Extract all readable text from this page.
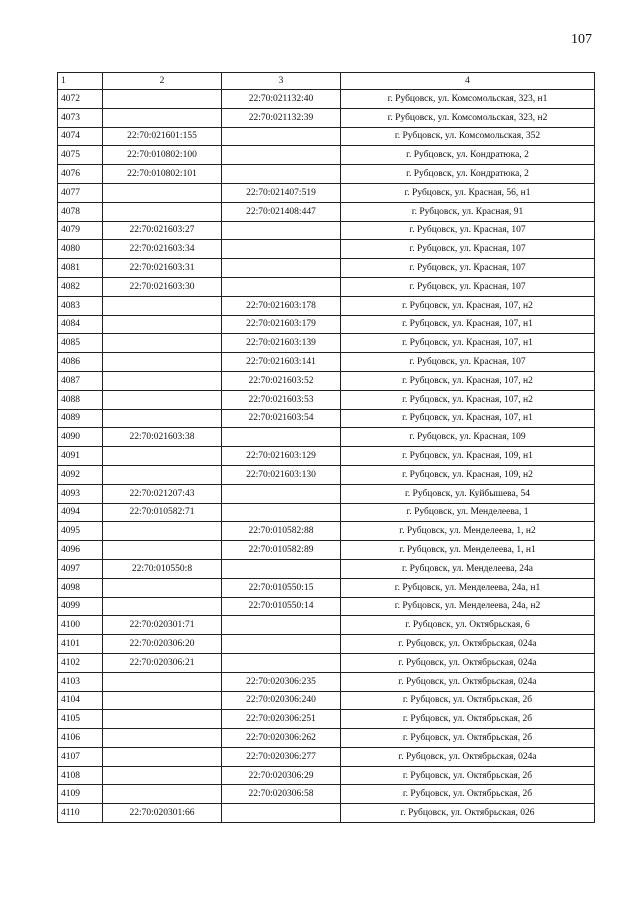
107
1	2	3	4
4072		22:70:021132:40	г. Рубцовск, ул. Комсомольская, 323, н1
4073		22:70:021132:39	г. Рубцовск, ул. Комсомольская, 323, н2
4074	22:70:021601:155		г. Рубцовск, ул. Комсомольская, 352
4075	22:70:010802:100		г. Рубцовск, ул. Кондратюка, 2
4076	22:70:010802:101		г. Рубцовск, ул. Кондратюка, 2
4077		22:70:021407:519	г. Рубцовск, ул. Красная, 56, н1
4078		22:70:021408:447	г. Рубцовск, ул. Красная, 91
4079	22:70:021603:27		г. Рубцовск, ул. Красная, 107
4080	22:70:021603:34		г. Рубцовск, ул. Красная, 107
4081	22:70:021603:31		г. Рубцовск, ул. Красная, 107
4082	22:70:021603:30		г. Рубцовск, ул. Красная, 107
4083		22:70:021603:178	г. Рубцовск, ул. Красная, 107, н2
4084		22:70:021603:179	г. Рубцовск, ул. Красная, 107, н1
4085		22:70:021603:139	г. Рубцовск, ул. Красная, 107, н1
4086		22:70:021603:141	г. Рубцовск, ул. Красная, 107
4087		22:70:021603:52	г. Рубцовск, ул. Красная, 107, н2
4088		22:70:021603:53	г. Рубцовск, ул. Красная, 107, н2
4089		22:70:021603:54	г. Рубцовск, ул. Красная, 107, н1
4090	22:70:021603:38		г. Рубцовск, ул. Красная, 109
4091		22:70:021603:129	г. Рубцовск, ул. Красная, 109, н1
4092		22:70:021603:130	г. Рубцовск, ул. Красная, 109, н2
4093	22:70:021207:43		г. Рубцовск, ул. Куйбышева, 54
4094	22:70:010582:71		г. Рубцовск, ул. Менделеева, 1
4095		22:70:010582:88	г. Рубцовск, ул. Менделеева, 1, н2
4096		22:70:010582:89	г. Рубцовск, ул. Менделеева, 1, н1
4097	22:70:010550:8		г. Рубцовск, ул. Менделеева, 24а
4098		22:70:010550:15	г. Рубцовск, ул. Менделеева, 24а, н1
4099		22:70:010550:14	г. Рубцовск, ул. Менделеева, 24а, н2
4100	22:70:020301:71		г. Рубцовск, ул. Октябрьская, 6
4101	22:70:020306:20		г. Рубцовск, ул. Октябрьская, 024а
4102	22:70:020306:21		г. Рубцовск, ул. Октябрьская, 024а
4103		22:70:020306:235	г. Рубцовск, ул. Октябрьская, 024а
4104		22:70:020306:240	г. Рубцовск, ул. Октябрьская, 2б
4105		22:70:020306:251	г. Рубцовск, ул. Октябрьская, 2б
4106		22:70:020306:262	г. Рубцовск, ул. Октябрьская, 2б
4107		22:70:020306:277	г. Рубцовск, ул. Октябрьская, 024а
4108		22:70:020306:29	г. Рубцовск, ул. Октябрьская, 2б
4109		22:70:020306:58	г. Рубцовск, ул. Октябрьская, 2б
4110	22:70:020301:66		г. Рубцовск, ул. Октябрьская, 026
